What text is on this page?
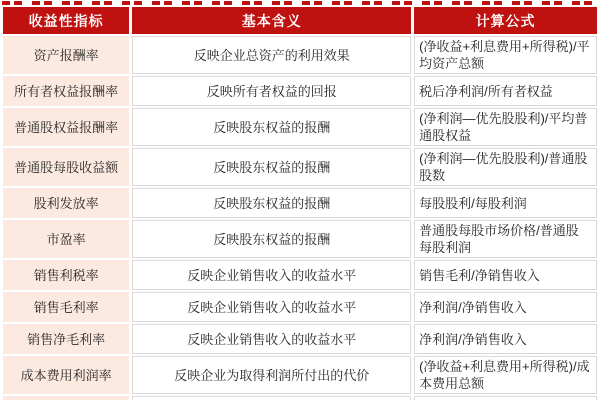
收益性指标	基本含义	计算公式
资产报酬率	反映企业总资产的利用效果	(净收益+利息费用+所得税)/平均资产总额
所有者权益报酬率	反映所有者权益的回报	税后净利润/所有者权益
普通股权益报酬率	反映股东权益的报酬	(净利润—优先股股利)/平均普通股权益
普通股每股收益额	反映股东权益的报酬	(净利润—优先股股利)/普通股股数
股利发放率	反映股东权益的报酬	每股股利/每股利润
市盈率	反映股东权益的报酬	普通股每股市场价格/普通股每股利润
销售利税率	反映企业销售收入的收益水平	销售毛利/净销售收入
销售毛利率	反映企业销售收入的收益水平	净利润/净销售收入
销售净毛利率	反映企业销售收入的收益水平	净利润/净销售收入
成本费用利润率	反映企业为取得利润所付出的代价	(净收益+利息费用+所得税)/成本费用总额
